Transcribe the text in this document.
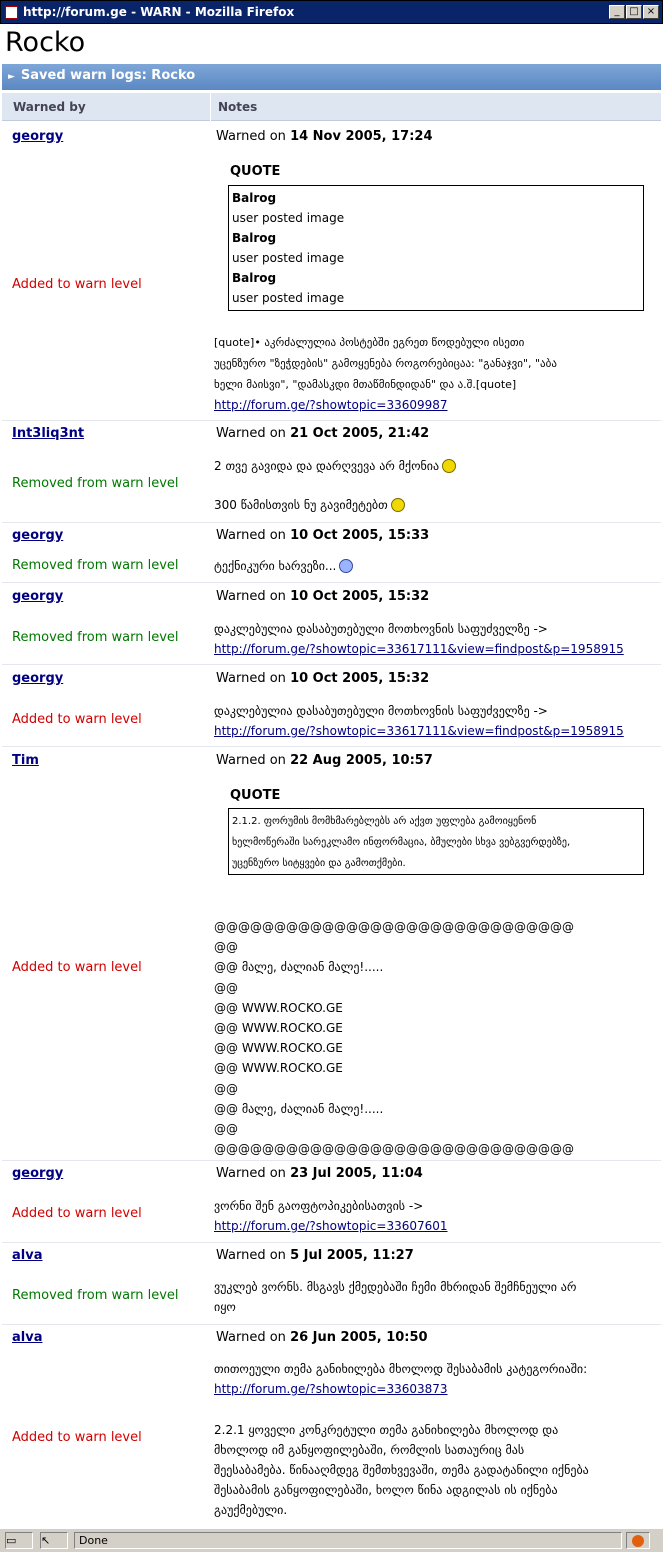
http://forum.ge - WARN - Mozilla Firefox	_ □ ×
Rocko
► Saved warn logs: Rocko
Warned by	Notes
georgy	Warned on 14 Nov 2005, 17:24
Added to warn level
QUOTE
Balrog
user posted image
Balrog
user posted image
Balrog
user posted image
[quote]• აკრძალულია პოსტებში ეგრეთ წოდებული ისეთი
უცენზურო "ზეჭდების" გამოყენება როგორებიცაა: "განაჯვი", "აბა
ხელი მაისვი", "დამასკდი მთაწმინდიდან" და ა.შ.[quote]
http://forum.ge/?showtopic=33609987
Int3liq3nt	Warned on 21 Oct 2005, 21:42
Removed from warn level
2 თვე გავიდა და დარღვევა არ მქონია
300 წამისთვის ნუ გავიმეტებთ
georgy	Warned on 10 Oct 2005, 15:33
Removed from warn level	ტექნიკური ხარვეზი...
georgy	Warned on 10 Oct 2005, 15:32
Removed from warn level
დაკლებულია დასაბუთებული მოთხოვნის საფუძველზე ->
http://forum.ge/?showtopic=33617111&view=findpost&p=1958915
georgy	Warned on 10 Oct 2005, 15:32
Added to warn level
დაკლებულია დასაბუთებული მოთხოვნის საფუძველზე ->
http://forum.ge/?showtopic=33617111&view=findpost&p=1958915
Tim	Warned on 22 Aug 2005, 10:57
Added to warn level
QUOTE
2.1.2. ფორუმის მომხმარებლებს არ აქვთ უფლება გამოიყენონ
ხელმოწერაში სარეკლამო ინფორმაცია, ბმულები სხვა ვებგვერდებზე,
უცენზურო სიტყვები და გამოთქმები.
@@@@@@@@@@@@@@@@@@@@@@@@@@@@@@
@@
@@ მალე, ძალიან მალე!.....
@@
@@ WWW.ROCKO.GE
@@ WWW.ROCKO.GE
@@ WWW.ROCKO.GE
@@ WWW.ROCKO.GE
@@
@@ მალე, ძალიან მალე!.....
@@
@@@@@@@@@@@@@@@@@@@@@@@@@@@@@@
georgy	Warned on 23 Jul 2005, 11:04
Added to warn level	ვორნი შენ გაოფტოპიკებისათვის ->
http://forum.ge/?showtopic=33607601
alva	Warned on 5 Jul 2005, 11:27
Removed from warn level
ვუკლებ ვორნს. მსგავს ქმედებაში ჩემი მხრიდან შემჩნეული არ
იყო
alva	Warned on 26 Jun 2005, 10:50
Added to warn level
თითოეული თემა განიხილება მხოლოდ შესაბამის კატეგორიაში:
http://forum.ge/?showtopic=33603873
2.2.1 ყოველი კონკრეტული თემა განიხილება მხოლოდ და
მხოლოდ იმ განყოფილებაში, რომლის სათაურიც მას
შეესაბამება. წინააღმდეგ შემთხვევაში, თემა გადატანილი იქნება
შესაბამის განყოფილებაში, ხოლო წინა ადგილას ის იქნება
გაუქმებული.
▭	↖	Done
